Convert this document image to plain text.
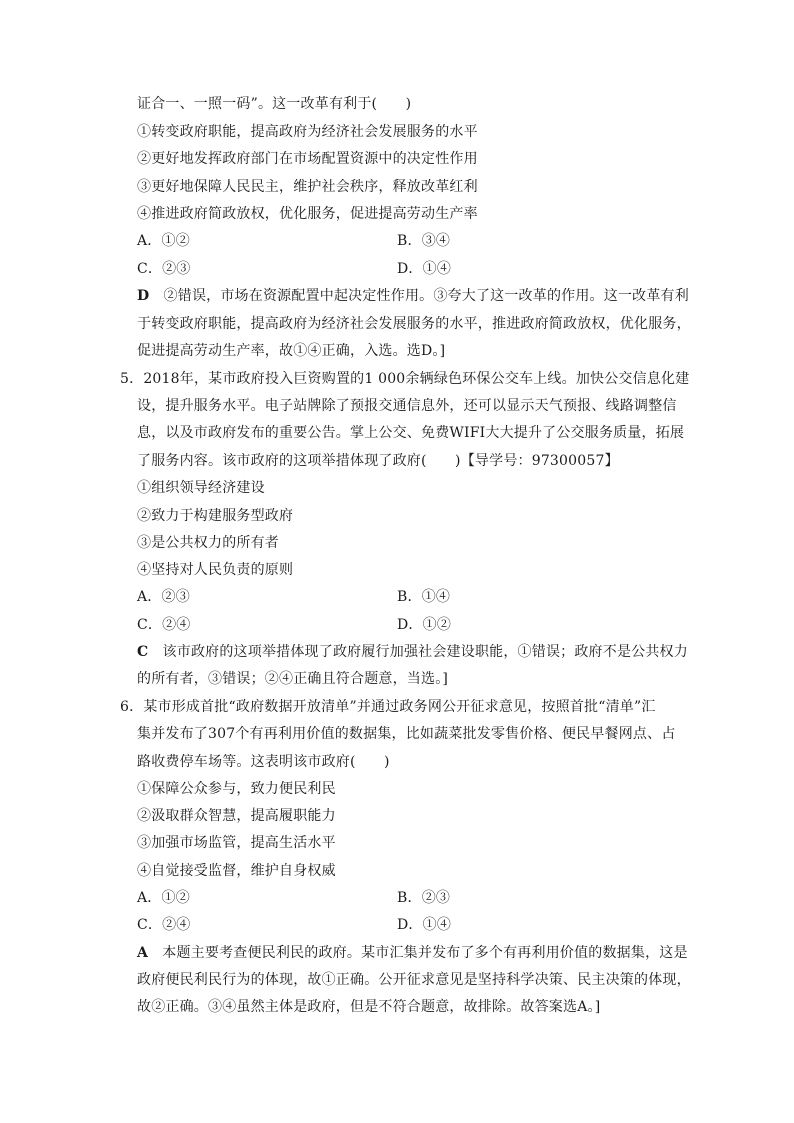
证合一、一照一码”。这一改革有利于(　　)
①转变政府职能，提高政府为经济社会发展服务的水平
②更好地发挥政府部门在市场配置资源中的决定性作用
③更好地保障人民民主，维护社会秩序，释放改革红利
④推进政府简政放权，优化服务，促进提高劳动生产率
A．①②	B．③④
C．②③	D．①④
D　 ②错误，市场在资源配置中起决定性作用。③夸大了这一改革的作用。这一改革有利
于转变政府职能，提高政府为经济社会发展服务的水平，推进政府简政放权，优化服务，
促进提高劳动生产率，故①④正确，入选。选D。]
5．2018年，某市政府投入巨资购置的1 000余辆绿色环保公交车上线。加快公交信息化建
设，提升服务水平。电子站牌除了预报交通信息外，还可以显示天气预报、线路调整信
息，以及市政府发布的重要公告。掌上公交、免费WIFI大大提升了公交服务质量，拓展
了服务内容。该市政府的这项举措体现了政府(　　)【导学号：97300057】
①组织领导经济建设
②致力于构建服务型政府
③是公共权力的所有者
④坚持对人民负责的原则
A．②③	B．①④
C．②④	D．①②
C　 该市政府的这项举措体现了政府履行加强社会建设职能，①错误；政府不是公共权力
的所有者，③错误；②④正确且符合题意，当选。]
6．某市形成首批“政府数据开放清单”并通过政务网公开征求意见，按照首批“清单”汇
集并发布了307个有再利用价值的数据集，比如蔬菜批发零售价格、便民早餐网点、占
路收费停车场等。这表明该市政府(　　)
①保障公众参与，致力便民利民
②汲取群众智慧，提高履职能力
③加强市场监管，提高生活水平
④自觉接受监督，维护自身权威
A．①②	B．②③
C．②④	D．①④
A　 本题主要考查便民利民的政府。某市汇集并发布了多个有再利用价值的数据集，这是
政府便民利民行为的体现，故①正确。公开征求意见是坚持科学决策、民主决策的体现，
故②正确。③④虽然主体是政府，但是不符合题意，故排除。故答案选A。]
